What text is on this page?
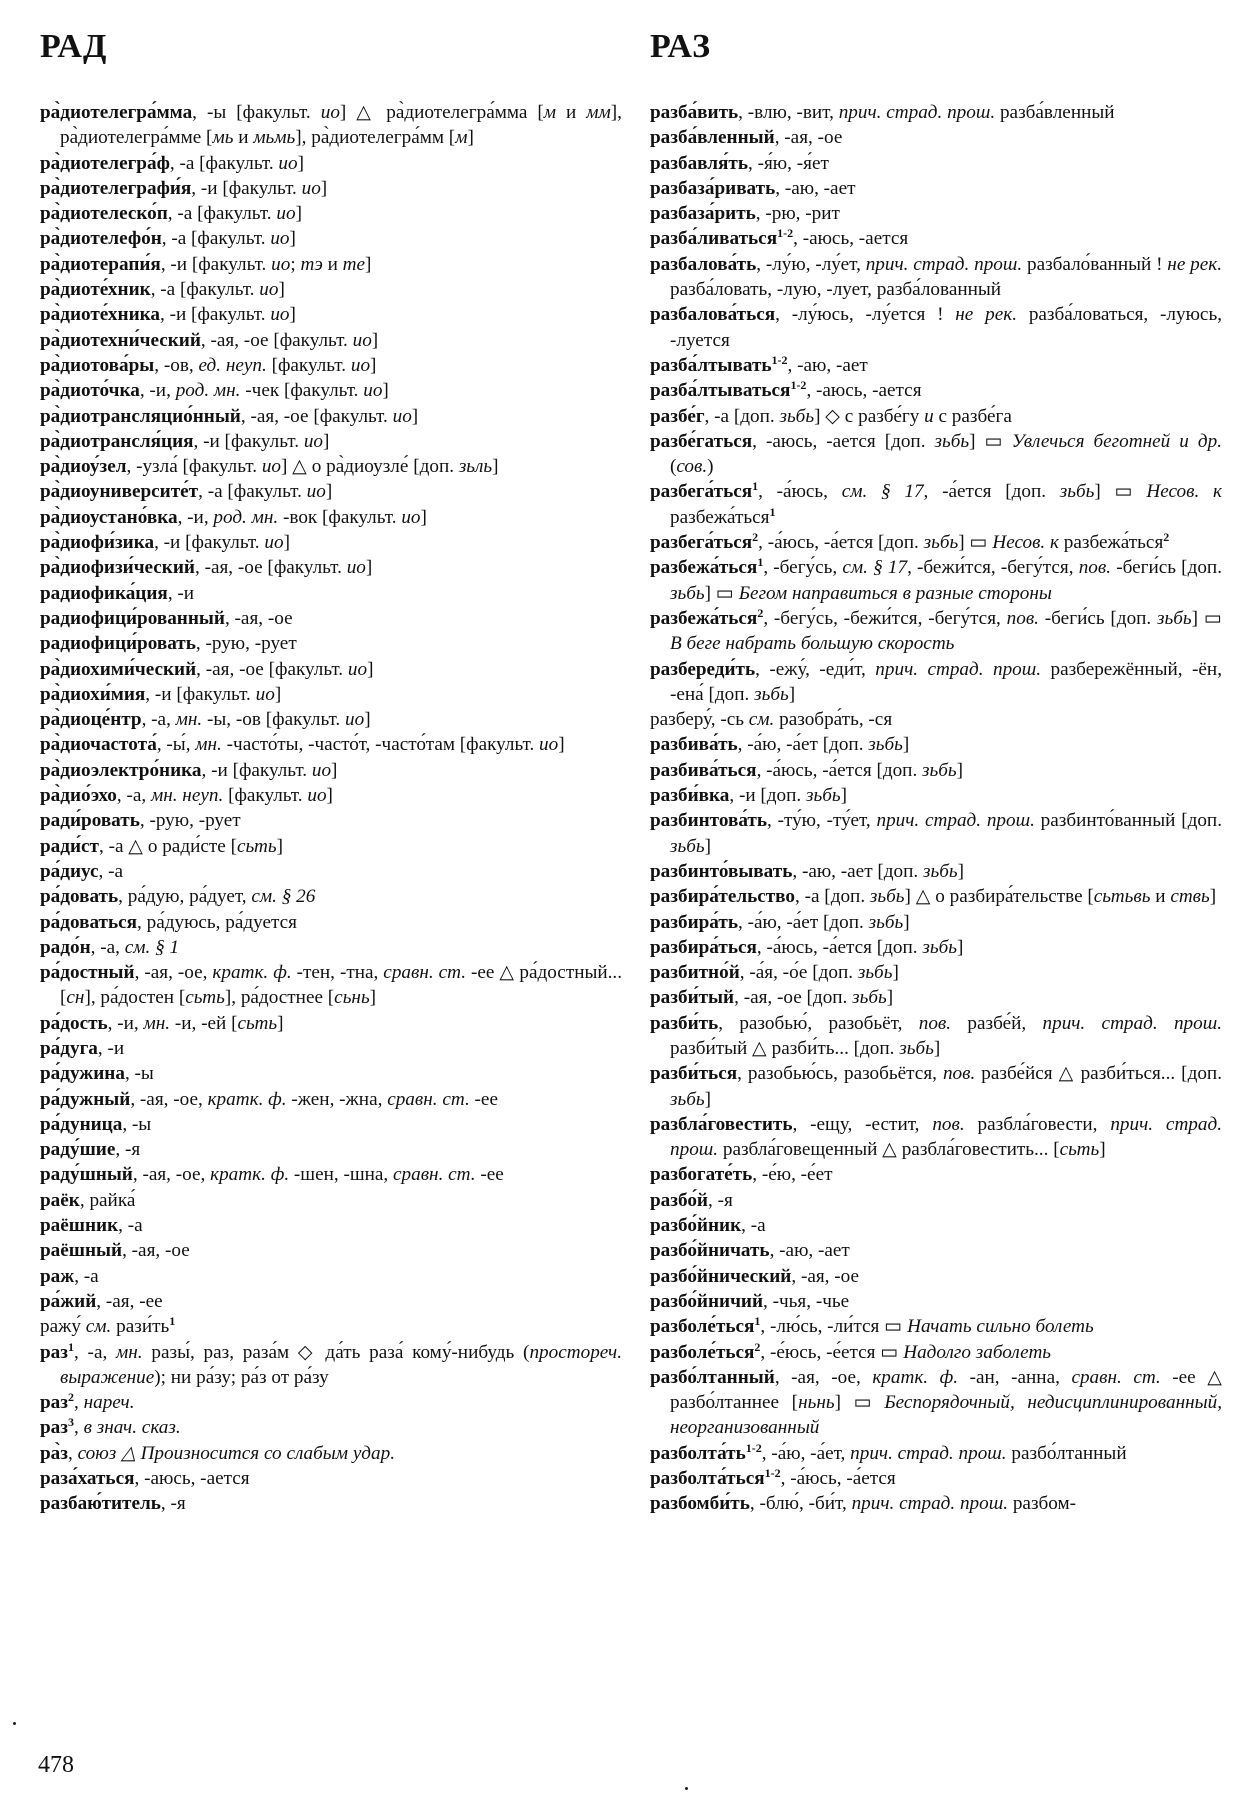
РАД	РАЗ

ра̀диотелегра́мма, -ы [факульт. ио] △ ра̀диотелегра́мма [м и мм], ра̀диотелегра́мме [мь и мьмь], ра̀диотелегра́мм [м]

ра̀диотелегра́ф, -а [факульт. ио]

ра̀диотелеграфи́я, -и [факульт. ио]

ра̀диотелеско́п, -а [факульт. ио]

ра̀диотелефо́н, -а [факульт. ио]

ра̀диотерапи́я, -и [факульт. ио; тэ и те]

ра̀диоте́хник, -а [факульт. ио]

ра̀диоте́хника, -и [факульт. ио]

ра̀диотехни́ческий, -ая, -ое [факульт. ио]

ра̀диотова́ры, -ов, ед. неуп. [факульт. ио]

ра̀диото́чка, -и, род. мн. -чек [факульт. ио]

ра̀диотрансляцио́нный, -ая, -ое [факульт. ио]

ра̀диотрансля́ция, -и [факульт. ио]

ра̀диоу́зел, -узла́ [факульт. ио] △ о ра̀диоузле́ [доп. зьль]

ра̀диоуниверсите́т, -а [факульт. ио]

ра̀диоустано́вка, -и, род. мн. -вок [факульт. ио]

ра̀диофи́зика, -и [факульт. ио]

ра̀диофизи́ческий, -ая, -ое [факульт. ио]

радиофика́ция, -и

радиофици́рованный, -ая, -ое

радиофици́ровать, -рую, -рует

ра̀диохими́ческий, -ая, -ое [факульт. ио]

ра̀диохи́мия, -и [факульт. ио]

ра̀диоце́нтр, -а, мн. -ы, -ов [факульт. ио]

ра̀диочастота́, -ы́, мн. -часто́ты, -часто́т, -часто́там [факульт. ио]

ра̀диоэлектро́ника, -и [факульт. ио]

ра̀дио́эхо, -а, мн. неуп. [факульт. ио]

ради́ровать, -рую, -рует

ради́ст, -а △ о ради́сте [сьть]

ра́диус, -а

ра́довать, ра́дую, ра́дует, см. § 26

ра́доваться, ра́дуюсь, ра́дуется

радо́н, -а, см. § 1

ра́достный, -ая, -ое, кратк. ф. -тен, -тна, сравн. ст. -ее △ ра́достный... [сн], ра́достен [сьть], ра́достнее [сьнь]

ра́дость, -и, мн. -и, -ей [сьть]

ра́дуга, -и

ра́дужина, -ы

ра́дужный, -ая, -ое, кратк. ф. -жен, -жна, сравн. ст. -ее

ра́дуница, -ы

раду́шие, -я

раду́шный, -ая, -ое, кратк. ф. -шен, -шна, сравн. ст. -ее

раёк, райка́

раёшник, -а

раёшный, -ая, -ое

раж, -а

ра́жий, -ая, -ее

ражу́ см. $рази́ть^1$

раз$^1$, -а, мн. разы́, раз, раза́м ◇ да́ть раза́ кому́-нибудь (простореч. выражение); ни ра́зу; ра́з от ра́зу

раз$^2$, нареч.

раз$^3$, в знач. сказ.

ра̀з, союз △ Произносится со слабым удар.

раза́хаться, -аюсь, -ается

разбаю́титель, -я

разба́вить, -влю, -вит, прич. страд. прош. разба́вленный

разба́вленный, -ая, -ое

разбавля́ть, -я́ю, -я́ет

разбаза́ривать, -аю, -ает

разбаза́рить, -рю, -рит

разба́ливаться$^{1-2}$, -аюсь, -ается

разбалова́ть, -лу́ю, -лу́ет, прич. страд. прош. разбало́ванный ! не рек. разба́ловать, -лую, -лует, разба́лованный

разбалова́ться, -лу́юсь, -лу́ется ! не рек. разба́ловаться, -луюсь, -луется

разба́лтывать$^{1-2}$, -аю, -ает

разба́лтываться$^{1-2}$, -аюсь, -ается

разбе́г, -а [доп. зьбь] ◇ с разбе́гу и с разбе́га

разбе́гаться, -аюсь, -ается [доп. зьбь] ▭ Увлечься беготней и др. (сов.)

разбега́ться$^1$, -а́юсь, см. § 17, -а́ется [доп. зьбь] ▭ Несов. к разбежа́ться$^1$

разбега́ться$^2$, -а́юсь, -а́ется [доп. зьбь] ▭ Несов. к разбежа́ться$^2$

разбежа́ться$^1$, -бегу́сь, см. § 17, -бежи́тся, -бегу́тся, пов. -беги́сь [доп. зьбь] ▭ Бегом направиться в разные стороны

разбежа́ться$^2$, -бегу́сь, -бежи́тся, -бегу́тся, пов. -беги́сь [доп. зьбь] ▭ В беге набрать большую скорость

разбереди́ть, -ежу́, -еди́т, прич. страд. прош. разбережённый, -ён, -ена́ [доп. зьбь]

разберу́, -сь см. разобра́ть, -ся

разбива́ть, -а́ю, -а́ет [доп. зьбь]

разбива́ться, -а́юсь, -а́ется [доп. зьбь]

разби́вка, -и [доп. зьбь]

разбинтова́ть, -ту́ю, -ту́ет, прич. страд. прош. разбинто́ванный [доп. зьбь]

разбинто́вывать, -аю, -ает [доп. зьбь]

разбира́тельство, -а [доп. зьбь] △ о разбира́тельстве [сьтьвь и ствь]

разбира́ть, -а́ю, -а́ет [доп. зьбь]

разбира́ться, -а́юсь, -а́ется [доп. зьбь]

разбитно́й, -а́я, -о́е [доп. зьбь]

разби́тый, -ая, -ое [доп. зьбь]

разби́ть, разобью́, разобьёт, пов. разбе́й, прич. страд. прош. разби́тый △ разби́ть... [доп. зьбь]

разби́ться, разобью́сь, разобьётся, пов. разбе́йся △ разби́ться... [доп. зьбь]

разбла́говестить, -ещу, -естит, пов. разбла́говести, прич. страд. прош. разбла́говещенный △ разбла́говестить... [сьть]

разбогате́ть, -е́ю, -е́ет

разбо́й, -я

разбо́йник, -а

разбо́йничать, -аю, -ает

разбо́йнический, -ая, -ое

разбо́йничий, -чья, -чье

разболе́ться$^1$, -лю́сь, -ли́тся ▭ Начать сильно болеть

разболе́ться$^2$, -е́юсь, -е́ется ▭ Надолго заболеть

разбо́лтанный, -ая, -ое, кратк. ф. -ан, -анна, сравн. ст. -ее △ разбо́лтаннее [ньнь] ▭ Беспорядочный, недисциплинированный, неорганизованный

$разболта́ть^{1-2}$, -а́ю, -а́ет, прич. страд. прош. разбо́лтанный

разболта́ться$^{1-2}$, -а́юсь, -а́ется

разбомби́ть, -блю́, -би́т, прич. страд. прош. разбом-

478
